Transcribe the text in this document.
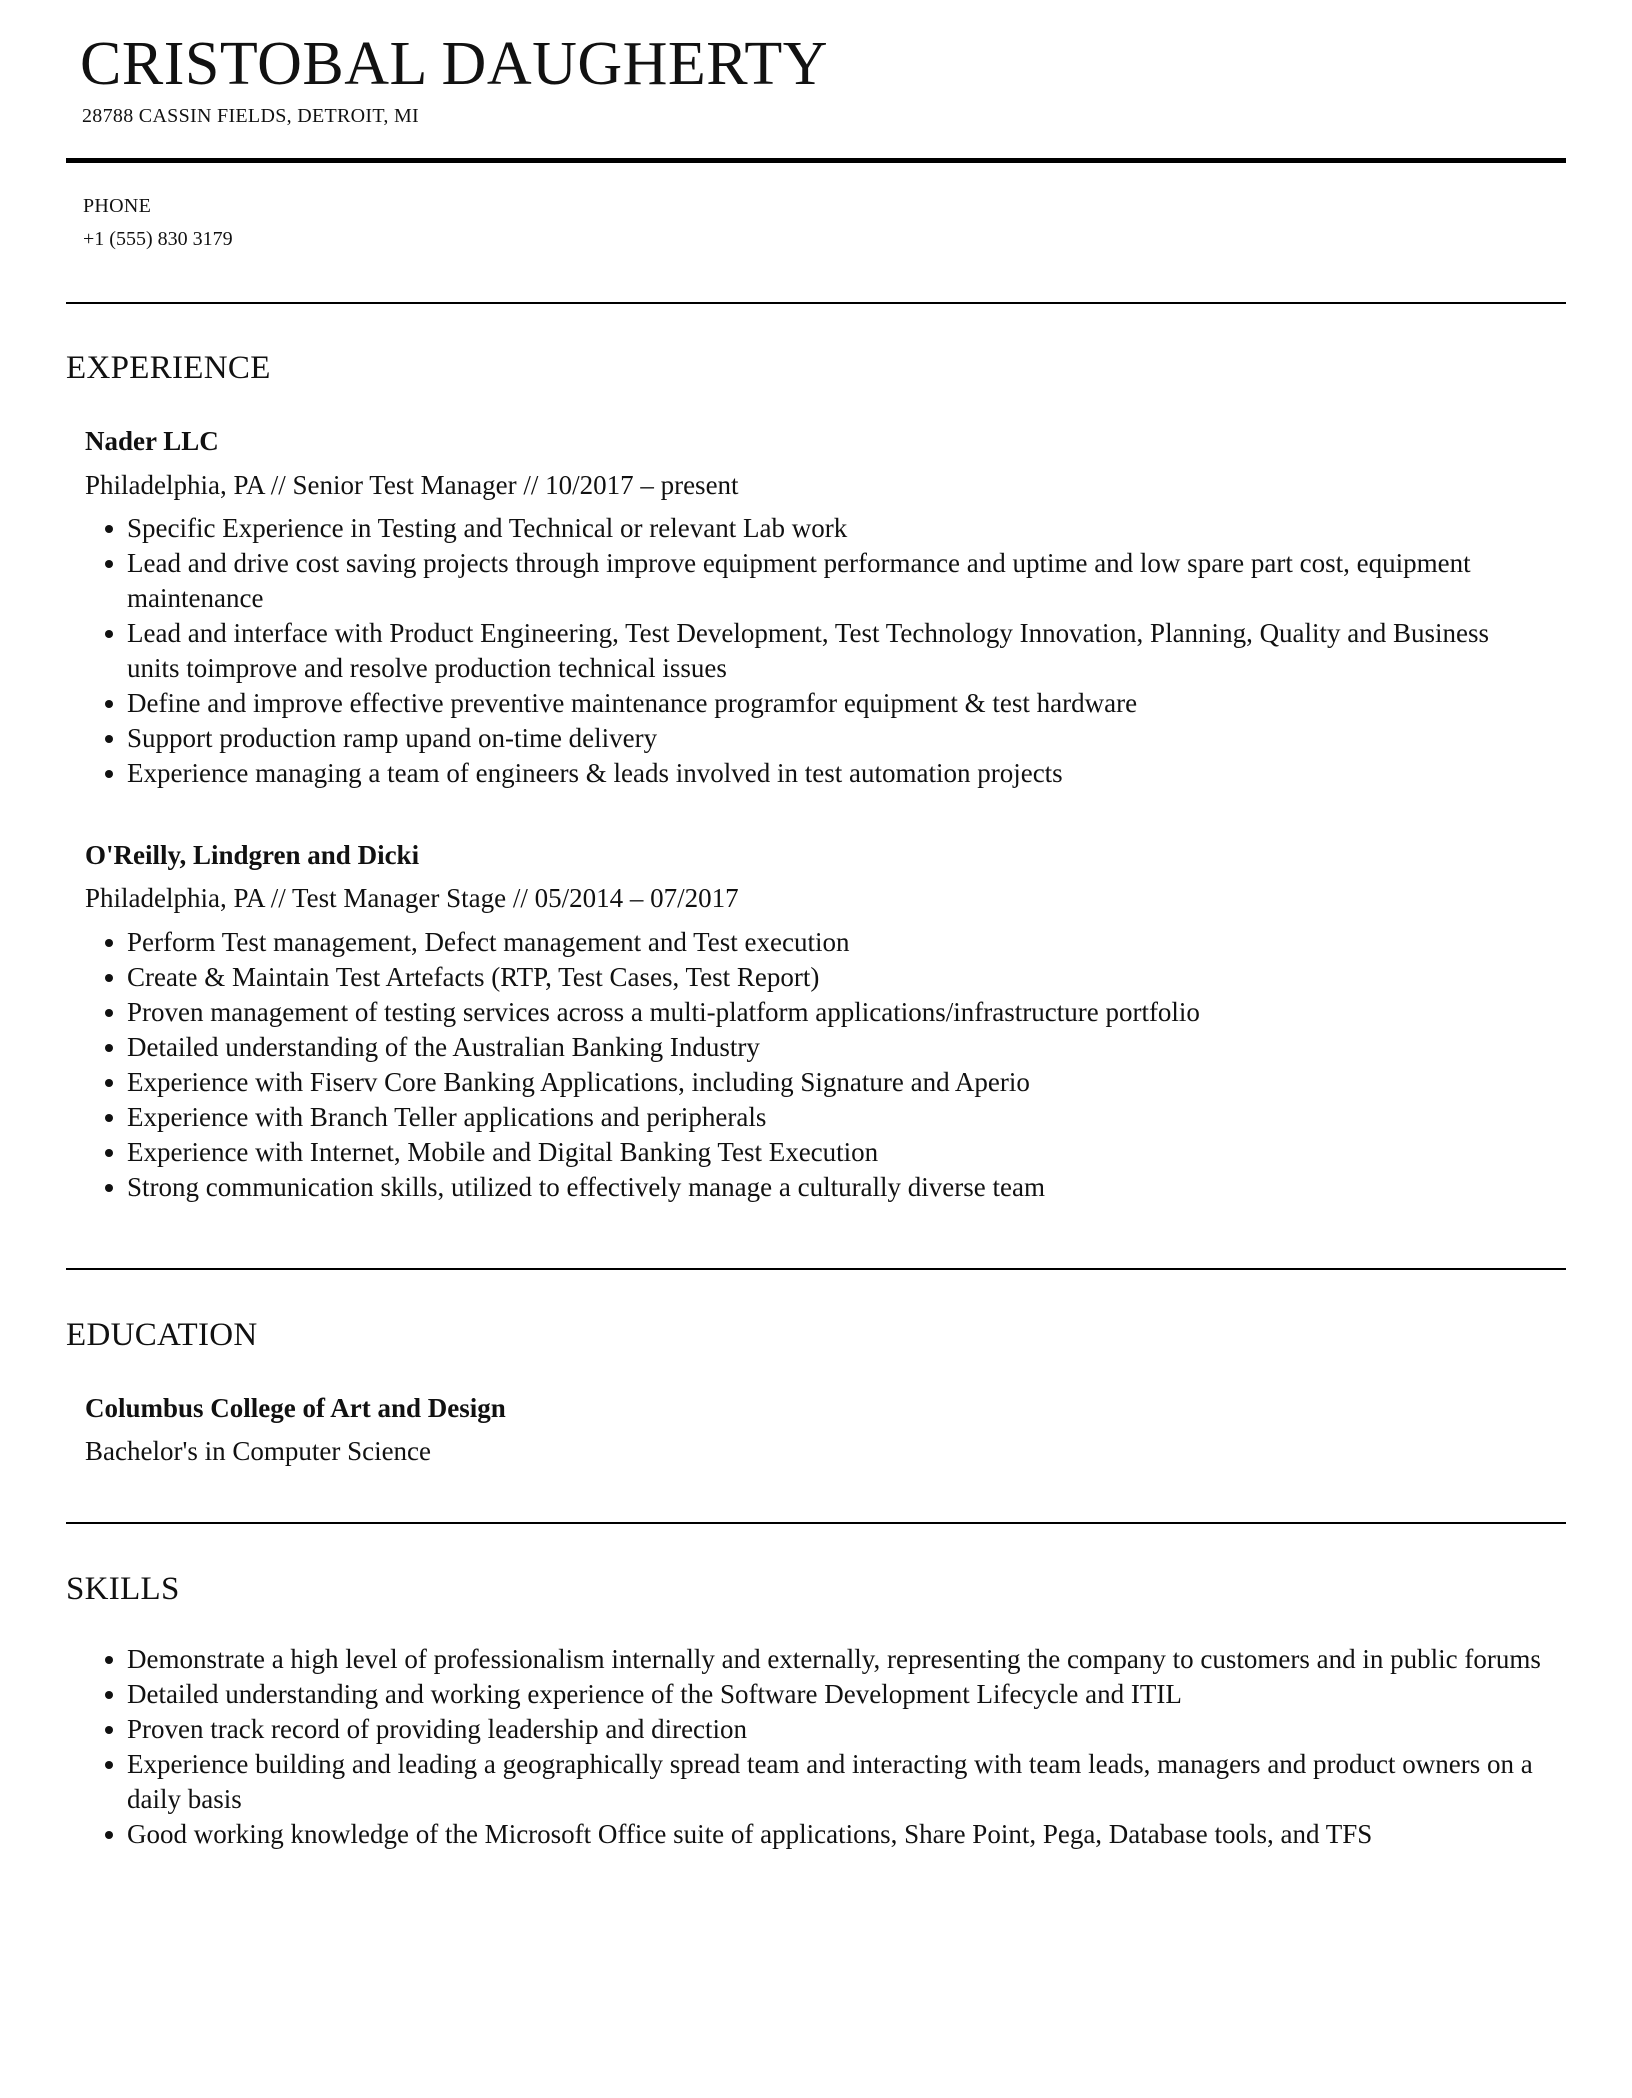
CRISTOBAL DAUGHERTY
28788 CASSIN FIELDS, DETROIT, MI
PHONE
+1 (555) 830 3179
EXPERIENCE
Nader LLC
Philadelphia, PA // Senior Test Manager // 10/2017 – present
Specific Experience in Testing and Technical or relevant Lab work
Lead and drive cost saving projects through improve equipment performance and uptime and low spare part cost, equipment maintenance
Lead and interface with Product Engineering, Test Development, Test Technology Innovation, Planning, Quality and Business units toimprove and resolve production technical issues
Define and improve effective preventive maintenance programfor equipment & test hardware
Support production ramp upand on-time delivery
Experience managing a team of engineers & leads involved in test automation projects
O'Reilly, Lindgren and Dicki
Philadelphia, PA // Test Manager Stage // 05/2014 – 07/2017
Perform Test management, Defect management and Test execution
Create & Maintain Test Artefacts (RTP, Test Cases, Test Report)
Proven management of testing services across a multi-platform applications/infrastructure portfolio
Detailed understanding of the Australian Banking Industry
Experience with Fiserv Core Banking Applications, including Signature and Aperio
Experience with Branch Teller applications and peripherals
Experience with Internet, Mobile and Digital Banking Test Execution
Strong communication skills, utilized to effectively manage a culturally diverse team
EDUCATION
Columbus College of Art and Design
Bachelor's in Computer Science
SKILLS
Demonstrate a high level of professionalism internally and externally, representing the company to customers and in public forums
Detailed understanding and working experience of the Software Development Lifecycle and ITIL
Proven track record of providing leadership and direction
Experience building and leading a geographically spread team and interacting with team leads, managers and product owners on a daily basis
Good working knowledge of the Microsoft Office suite of applications, Share Point, Pega, Database tools, and TFS
